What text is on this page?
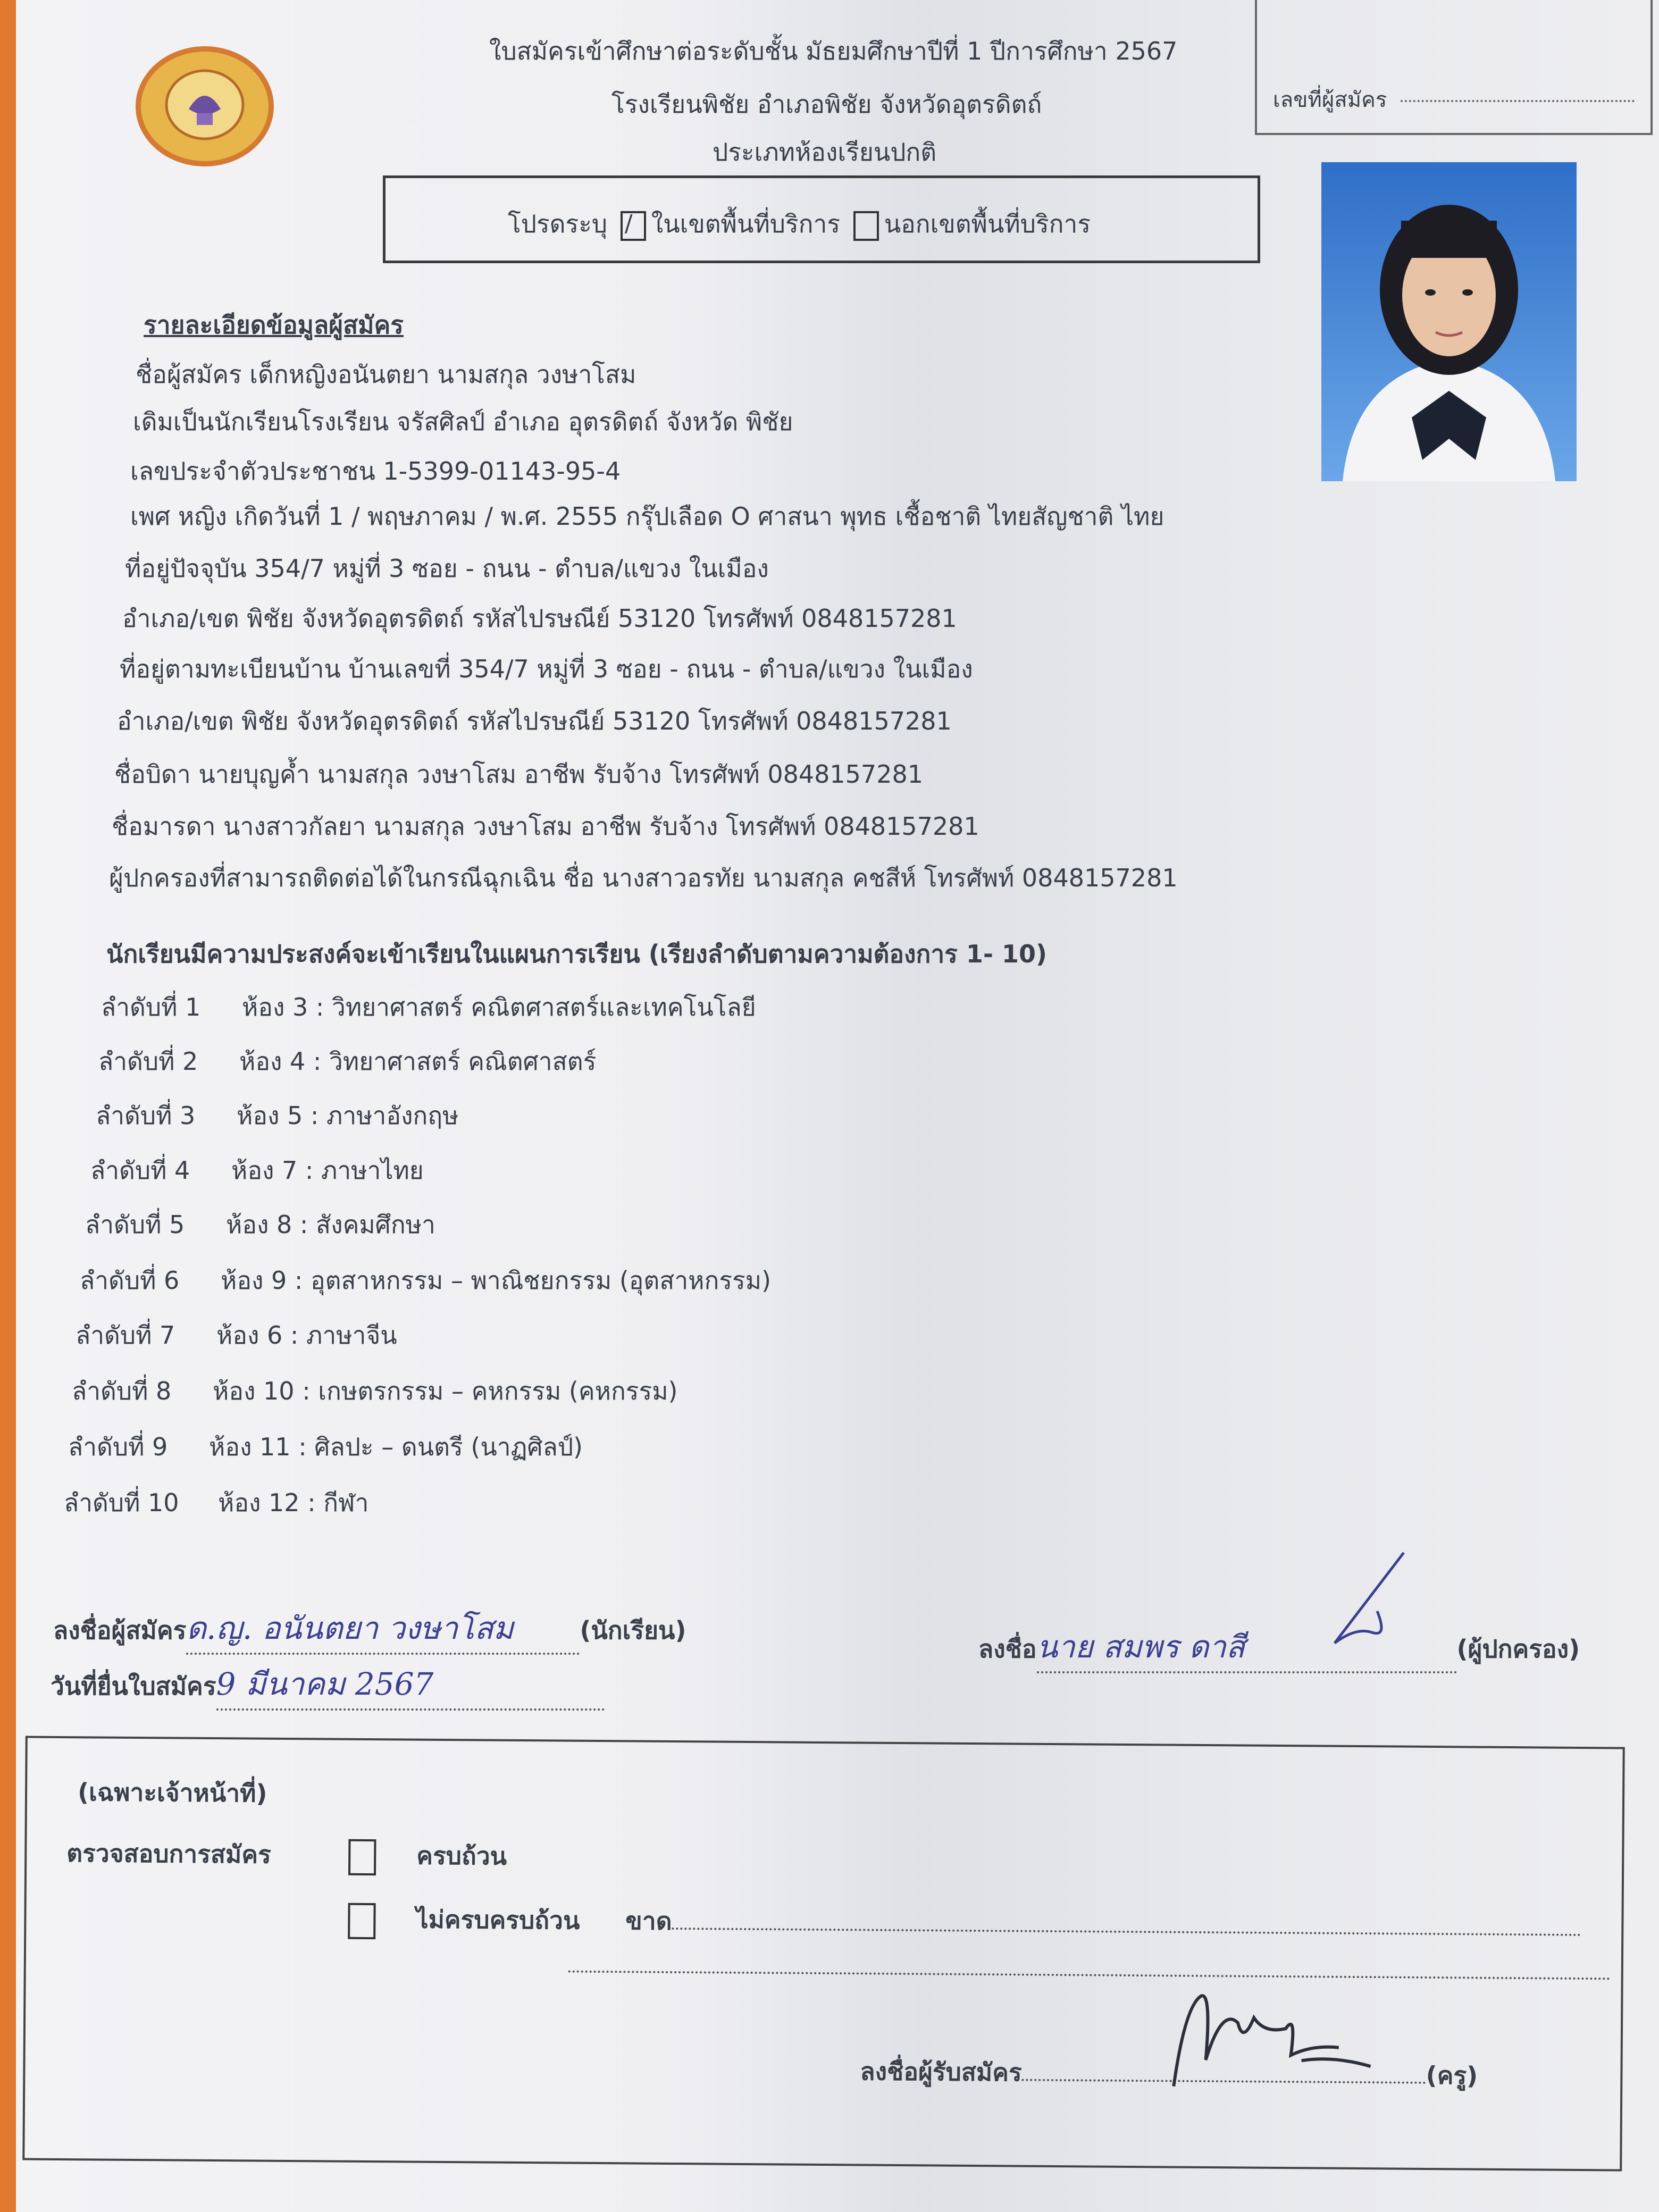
ใบสมัครเข้าศึกษาต่อระดับชั้น มัธยมศึกษาปีที่ 1 ปีการศึกษา 2567
โรงเรียนพิชัย อำเภอพิชัย จังหวัดอุตรดิตถ์
ประเภทห้องเรียนปกติ
เลขที่ผู้สมัคร
โปรดระบุ / ในเขตพื้นที่บริการ นอกเขตพื้นที่บริการ
รายละเอียดข้อมูลผู้สมัคร
ชื่อผู้สมัคร เด็กหญิงอนันตยา นามสกุล วงษาโสม
เดิมเป็นนักเรียนโรงเรียน จรัสศิลป์ อำเภอ อุตรดิตถ์ จังหวัด พิชัย
เลขประจำตัวประชาชน 1-5399-01143-95-4
เพศ หญิง เกิดวันที่ 1 / พฤษภาคม / พ.ศ. 2555 กรุ๊ปเลือด O ศาสนา พุทธ เชื้อชาติ ไทยสัญชาติ ไทย
ที่อยู่ปัจจุบัน 354/7 หมู่ที่ 3 ซอย - ถนน - ตำบล/แขวง ในเมือง
อำเภอ/เขต พิชัย จังหวัดอุตรดิตถ์ รหัสไปรษณีย์ 53120 โทรศัพท์ 0848157281
ที่อยู่ตามทะเบียนบ้าน บ้านเลขที่ 354/7 หมู่ที่ 3 ซอย - ถนน - ตำบล/แขวง ในเมือง
อำเภอ/เขต พิชัย จังหวัดอุตรดิตถ์ รหัสไปรษณีย์ 53120 โทรศัพท์ 0848157281
ชื่อบิดา นายบุญค้ำ นามสกุล วงษาโสม อาชีพ รับจ้าง โทรศัพท์ 0848157281
ชื่อมารดา นางสาวกัลยา นามสกุล วงษาโสม อาชีพ รับจ้าง โทรศัพท์ 0848157281
ผู้ปกครองที่สามารถติดต่อได้ในกรณีฉุกเฉิน ชื่อ นางสาวอรทัย นามสกุล คชสีห์ โทรศัพท์ 0848157281
นักเรียนมีความประสงค์จะเข้าเรียนในแผนการเรียน (เรียงลำดับตามความต้องการ 1- 10)
ลำดับที่ 1 ห้อง 3 : วิทยาศาสตร์ คณิตศาสตร์และเทคโนโลยี
ลำดับที่ 2 ห้อง 4 : วิทยาศาสตร์ คณิตศาสตร์
ลำดับที่ 3 ห้อง 5 : ภาษาอังกฤษ
ลำดับที่ 4 ห้อง 7 : ภาษาไทย
ลำดับที่ 5 ห้อง 8 : สังคมศึกษา
ลำดับที่ 6 ห้อง 9 : อุตสาหกรรม – พาณิชยกรรม (อุตสาหกรรม)
ลำดับที่ 7 ห้อง 6 : ภาษาจีน
ลำดับที่ 8 ห้อง 10 : เกษตรกรรม – คหกรรม (คหกรรม)
ลำดับที่ 9 ห้อง 11 : ศิลปะ – ดนตรี (นาฏศิลป์)
ลำดับที่ 10 ห้อง 12 : กีฬา
ลงชื่อผู้สมัครด.ญ. อนันตยา วงษาโสม	(นักเรียน)
วันที่ยื่นใบสมัคร9 มีนาคม 2567
ลงชื่อนาย สมพร ดาสี	(ผู้ปกครอง)
(เฉพาะเจ้าหน้าที่)
ตรวจสอบการสมัคร	ครบถ้วน
ไม่ครบครบถ้วน ขาด
ลงชื่อผู้รับสมัคร	(ครู)
